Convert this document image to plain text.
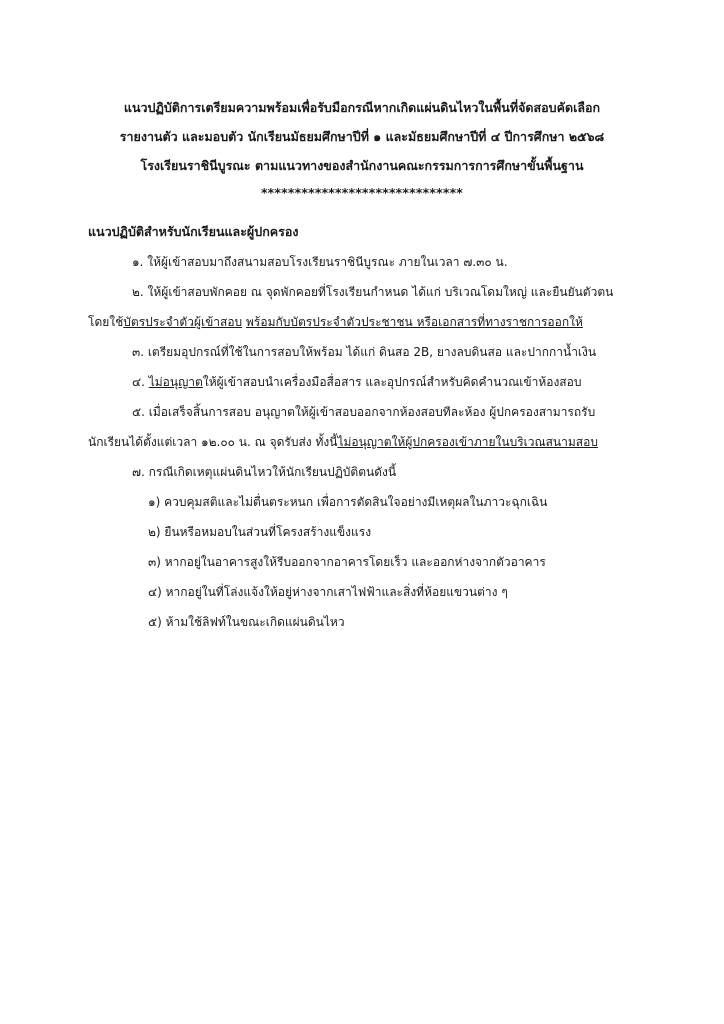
แนวปฏิบัติการเตรียมความพร้อมเพื่อรับมือกรณีหากเกิดแผ่นดินไหวในพื้นที่จัดสอบคัดเลือก
รายงานตัว และมอบตัว นักเรียนมัธยมศึกษาปีที่ ๑ และมัธยมศึกษาปีที่ ๔ ปีการศึกษา ๒๕๖๘
โรงเรียนราชินีบูรณะ ตามแนวทางของสำนักงานคณะกรรมการการศึกษาขั้นพื้นฐาน
******************************
แนวปฏิบัติสำหรับนักเรียนและผู้ปกครอง
๑. ให้ผู้เข้าสอบมาถึงสนามสอบโรงเรียนราชินีบูรณะ ภายในเวลา ๗.๓๐ น.
๒. ให้ผู้เข้าสอบพักคอย ณ จุดพักคอยที่โรงเรียนกำหนด ได้แก่ บริเวณโดมใหญ่ และยืนยันตัวตน
โดยใช้บัตรประจำตัวผู้เข้าสอบ พร้อมกับบัตรประจำตัวประชาชน หรือเอกสารที่ทางราชการออกให้
๓. เตรียมอุปกรณ์ที่ใช้ในการสอบให้พร้อม ได้แก่ ดินสอ 2B, ยางลบดินสอ และปากกาน้ำเงิน
๔. ไม่อนุญาตให้ผู้เข้าสอบนำเครื่องมือสื่อสาร และอุปกรณ์สำหรับคิดคำนวณเข้าห้องสอบ
๕. เมื่อเสร็จสิ้นการสอบ อนุญาตให้ผู้เข้าสอบออกจากห้องสอบทีละห้อง ผู้ปกครองสามารถรับ
นักเรียนได้ตั้งแต่เวลา ๑๒.๐๐ น. ณ จุดรับส่ง ทั้งนี้ไม่อนุญาตให้ผู้ปกครองเข้าภายในบริเวณสนามสอบ
๗. กรณีเกิดเหตุแผ่นดินไหวให้นักเรียนปฏิบัติตนดังนี้
๑) ควบคุมสติและไม่ตื่นตระหนก เพื่อการตัดสินใจอย่างมีเหตุผลในภาวะฉุกเฉิน
๒) ยืนหรือหมอบในส่วนที่โครงสร้างแข็งแรง
๓) หากอยู่ในอาคารสูงให้รีบออกจากอาคารโดยเร็ว และออกห่างจากตัวอาคาร
๔) หากอยู่ในที่โล่งแจ้งให้อยู่ห่างจากเสาไฟฟ้าและสิ่งที่ห้อยแขวนต่าง ๆ
๕) ห้ามใช้ลิฟท์ในขณะเกิดแผ่นดินไหว
